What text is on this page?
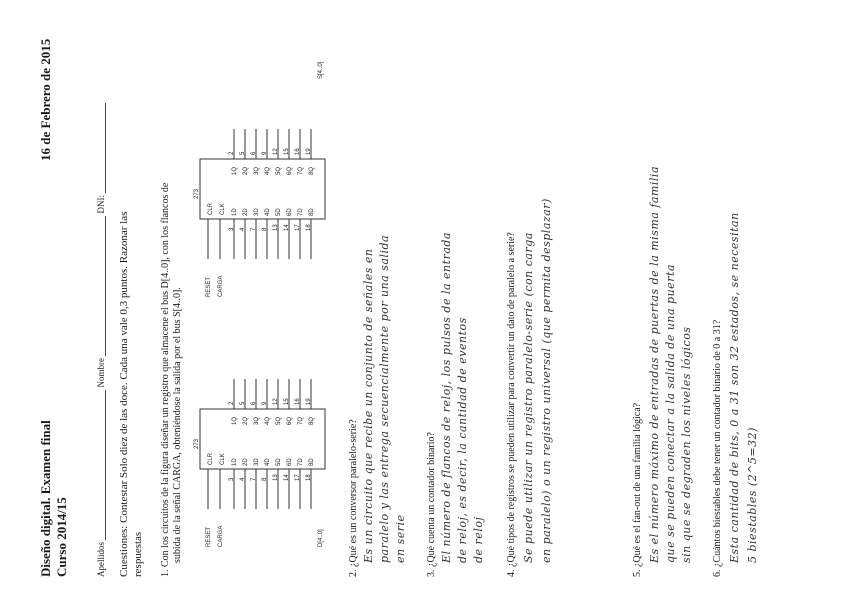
Diseño digital. Examen final Curso 2014/15
16 de Febrero de 2015
Apellidos  Nombre  DNI:
Cuestiones: Contestar Solo diez de las doce. Cada una vale 0,3 puntos. Razonar las respuestas 1. Con los circuitos de la figura diseñar un registro que almacene el bus D[4..0], con los flancos de subida de la señal CARGA, obteniéndose la salida por el bus S[4..0]. 273
RESET CARGA
CLR CLK
3
1D
1Q
2
4
2D
2Q
5
7
3D
3Q
6
8
4D
4Q
9
13
5D
5Q
12
14
6D
6Q
15
17
7D
7Q
16
18
8D
8Q
19
D[4..0]
273
RESET CARGA
CLR CLK
3
1D
1Q
2
4
2D
2Q
5
7
3D
3Q
6
8
4D
4Q
9
13
5D
5Q
12
14
6D
6Q
15
17
7D
7Q
16
18
8D
8Q
19
S[4..0]
2. ¿Qué es un conversor paralelo-serie? Es un circuito que recibe un conjunto de señales en paralelo y las entrega secuencialmente por una salida en serie
3. ¿Qué cuenta un contador binario? El número de flancos de reloj, los pulsos de la entrada de reloj, es decir, la cantidad de eventos de reloj
4. ¿Qué tipos de registros se pueden utilizar para convertir un dato de paralelo a serie? Se puede utilizar un registro paralelo-serie (con carga en paralelo) o un registro universal (que permita desplazar)
5. ¿Qué es el fan-out de una familia lógica? Es el número máximo de entradas de puertas de la misma familia que se pueden conectar a la salida de una puerta sin que se degraden los niveles lógicos
6. ¿Cuántos biestables debe tener un contador binario de 0 a 31? Esta cantidad de bits, 0 a 31 son 32 estados, se necesitan 5 biestables (2^5=32)
